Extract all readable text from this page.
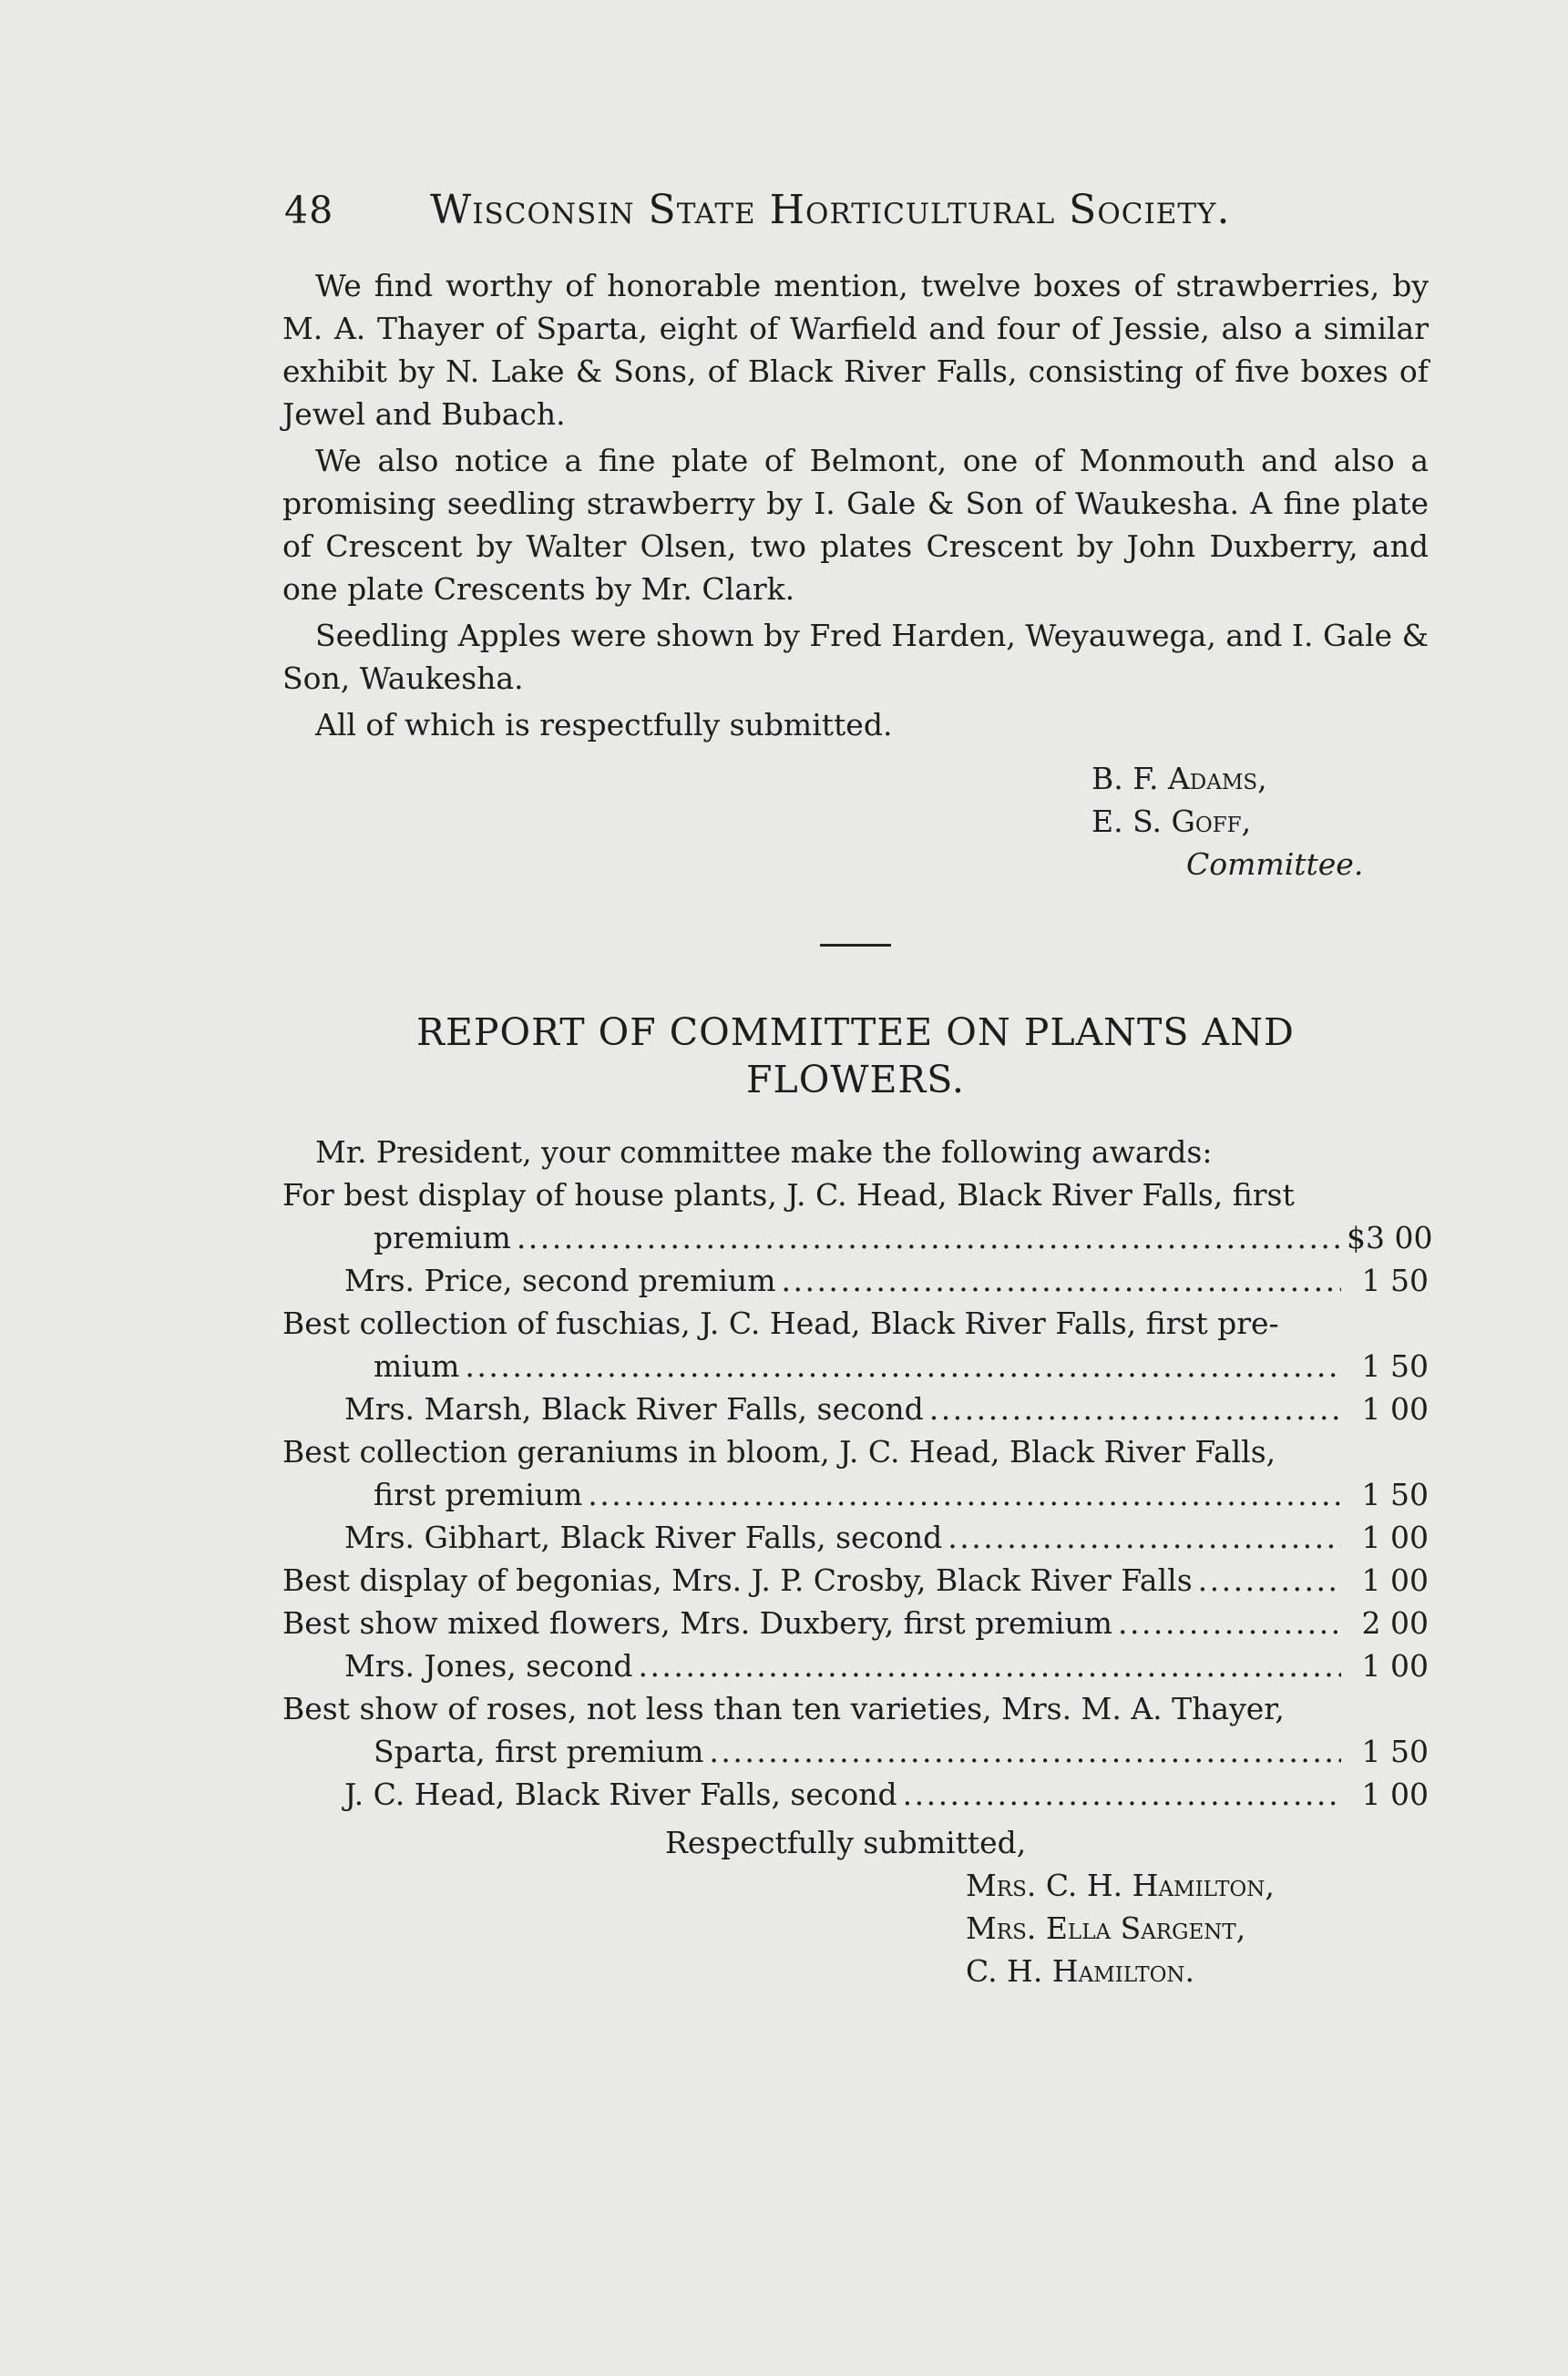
48 Wisconsin State Horticultural Society.

We find worthy of honorable mention, twelve boxes of strawberries, by M. A. Thayer of Sparta, eight of Warfield and four of Jessie, also a similar exhibit by N. Lake & Sons, of Black River Falls, consisting of five boxes of Jewel and Bubach.

We also notice a fine plate of Belmont, one of Monmouth and also a promising seedling strawberry by I. Gale & Son of Waukesha. A fine plate of Crescent by Walter Olsen, two plates Crescent by John Duxberry, and one plate Crescents by Mr. Clark.

Seedling Apples were shown by Fred Harden, Weyauwega, and I. Gale & Son, Waukesha.

All of which is respectfully submitted.

B. F. Adams,
E. S. Goff,
Committee.
REPORT OF COMMITTEE ON PLANTS AND
FLOWERS.

Mr. President, your committee make the following awards:

For best display of house plants, J. C. Head, Black River Falls, first
premium . . .	$3 00
Mrs. Price, second premium . . .	1 50
Best collection of fuschias, J. C. Head, Black River Falls, first pre-
mium . . .	1 50
Mrs. Marsh, Black River Falls, second . . .	1 00
Best collection geraniums in bloom, J. C. Head, Black River Falls,
first premium . . .	1 50
Mrs. Gibhart, Black River Falls, second . . .	1 00
Best display of begonias, Mrs. J. P. Crosby, Black River Falls . . .	1 00
Best show mixed flowers, Mrs. Duxbery, first premium . . .	2 00
Mrs. Jones, second . . .	1 00
Best show of roses, not less than ten varieties, Mrs. M. A. Thayer,
Sparta, first premium . . .	1 50
J. C. Head, Black River Falls, second . . .	1 00
Respectfully submitted,
Mrs. C. H. Hamilton,
Mrs. Ella Sargent,
C. H. Hamilton.
